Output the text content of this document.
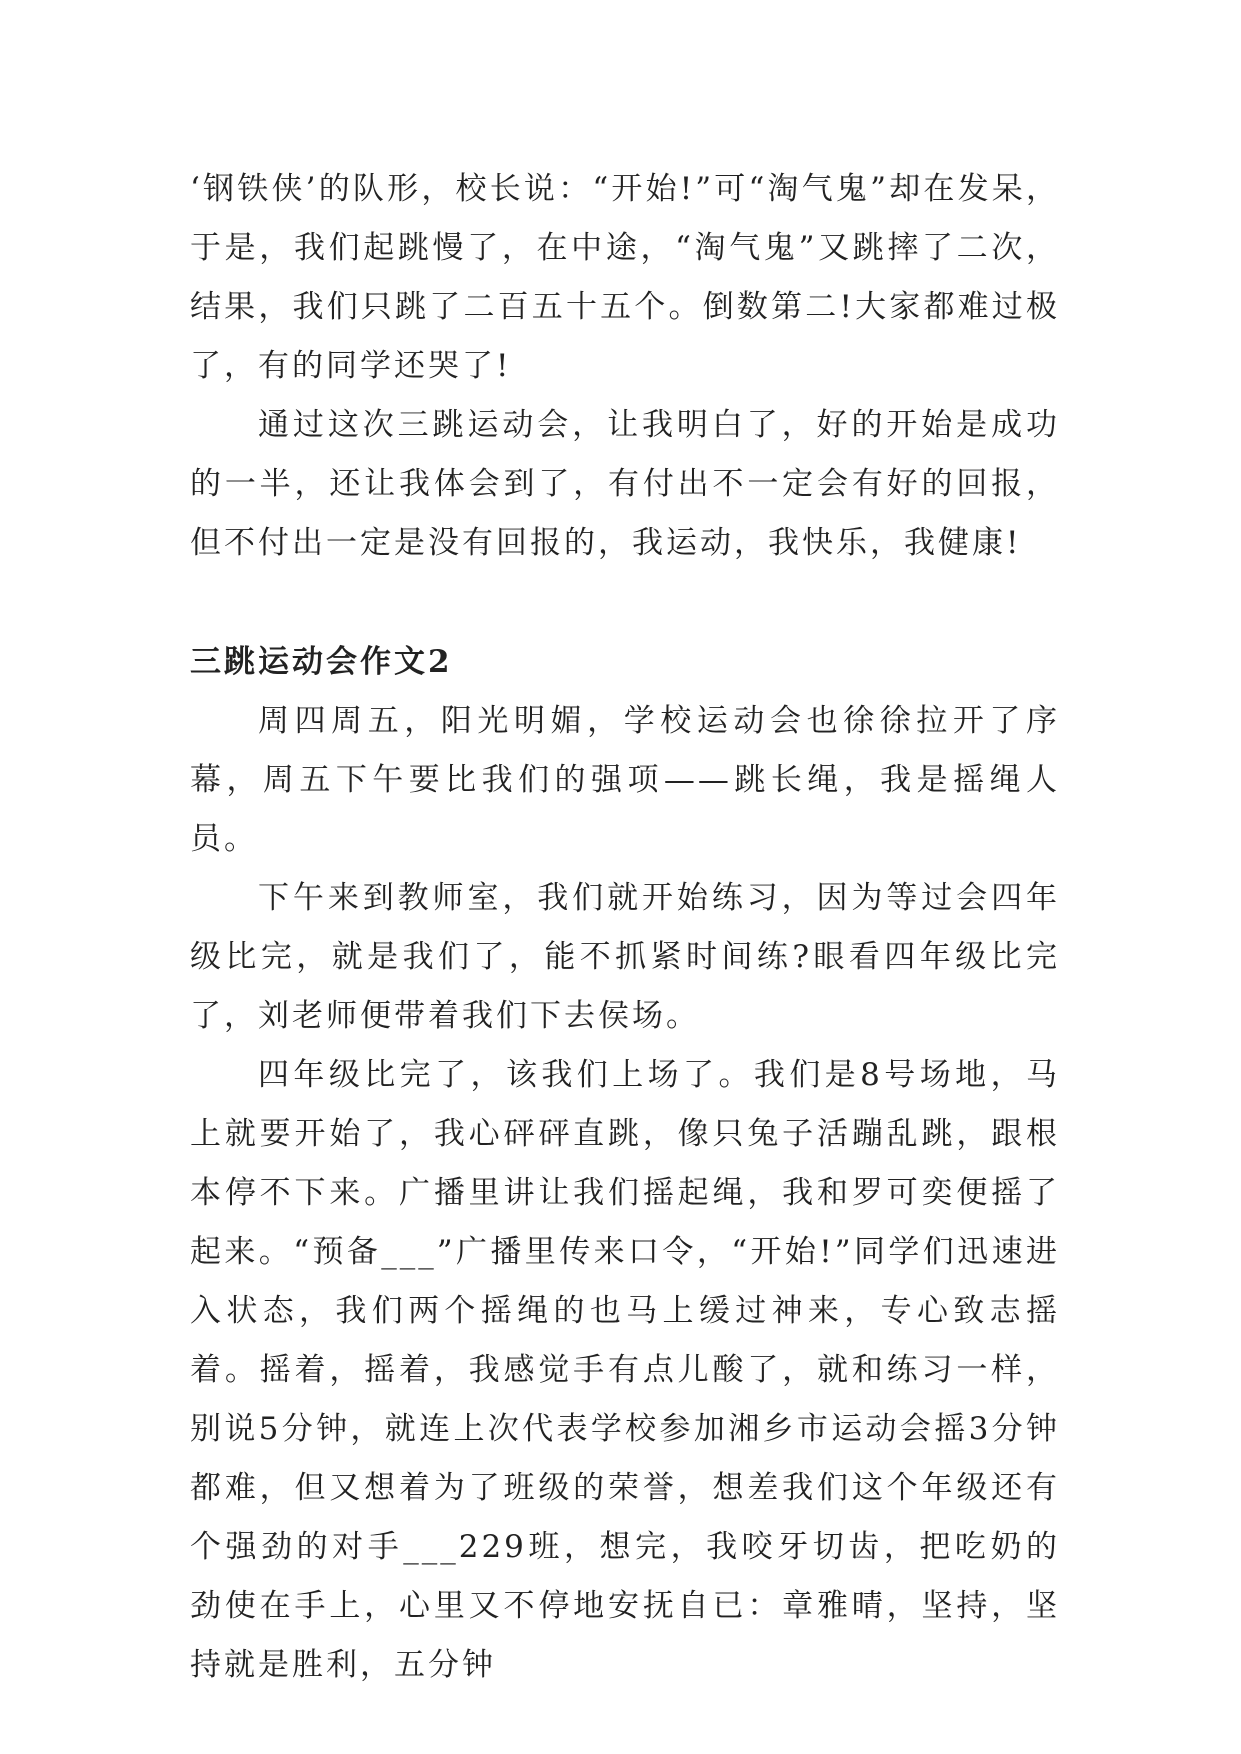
‘钢铁侠’的队形，校长说：“开始!”可“淘气鬼”却在发呆，于是，我们起跳慢了，在中途，“淘气鬼”又跳摔了二次，结果，我们只跳了二百五十五个。倒数第二!大家都难过极了，有的同学还哭了!

通过这次三跳运动会，让我明白了，好的开始是成功的一半，还让我体会到了，有付出不一定会有好的回报，但不付出一定是没有回报的，我运动，我快乐，我健康!

三跳运动会作文2

周四周五，阳光明媚，学校运动会也徐徐拉开了序幕，周五下午要比我们的强项——跳长绳，我是摇绳人员。

下午来到教师室，我们就开始练习，因为等过会四年级比完，就是我们了，能不抓紧时间练?眼看四年级比完了，刘老师便带着我们下去侯场。

四年级比完了，该我们上场了。我们是8号场地，马上就要开始了，我心砰砰直跳，像只兔子活蹦乱跳，跟根本停不下来。广播里讲让我们摇起绳，我和罗可奕便摇了起来。“预备___”广播里传来口令，“开始!”同学们迅速进入状态，我们两个摇绳的也马上缓过神来，专心致志摇着。摇着，摇着，我感觉手有点儿酸了，就和练习一样，别说5分钟，就连上次代表学校参加湘乡市运动会摇3分钟都难，但又想着为了班级的荣誉，想差我们这个年级还有个强劲的对手___229班，想完，我咬牙切齿，把吃奶的劲使在手上，心里又不停地安抚自已：章雅晴，坚持，坚持就是胜利，五分钟
